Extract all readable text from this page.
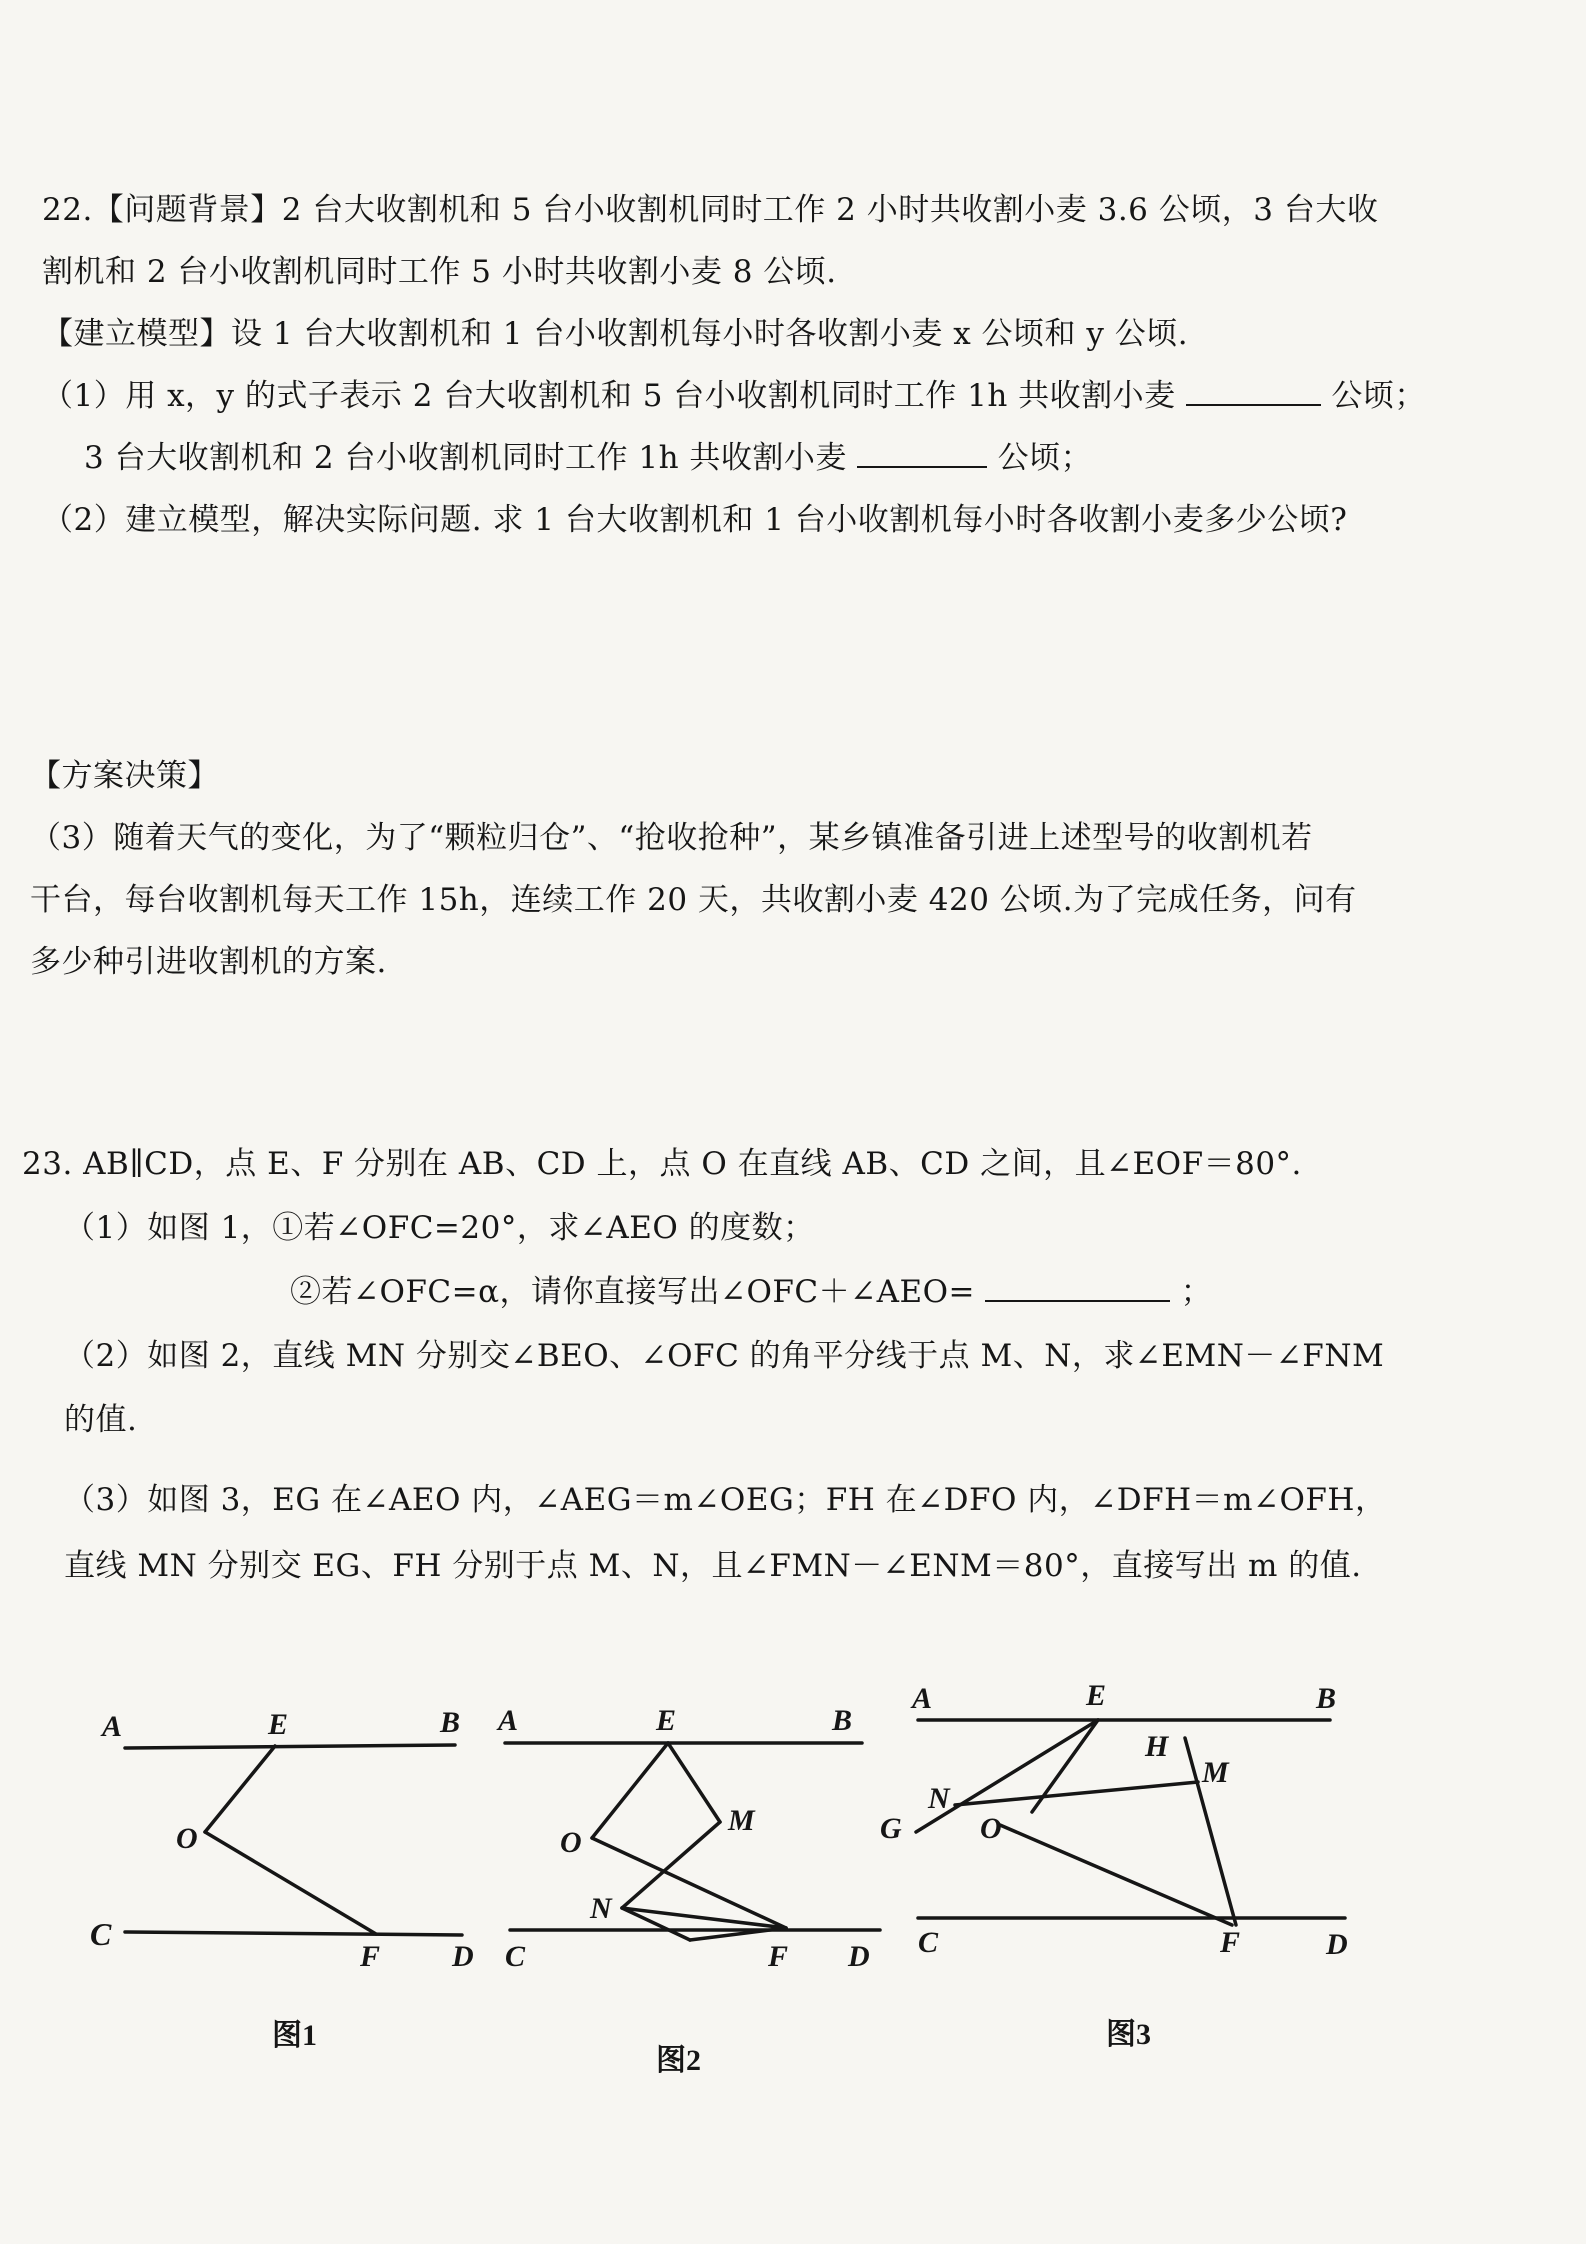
22.【问题背景】2 台大收割机和 5 台小收割机同时工作 2 小时共收割小麦 3.6 公顷，3 台大收
割机和 2 台小收割机同时工作 5 小时共收割小麦 8 公顷.
【建立模型】设 1 台大收割机和 1 台小收割机每小时各收割小麦 x 公顷和 y 公顷.
（1）用 x，y 的式子表示 2 台大收割机和 5 台小收割机同时工作 1h 共收割小麦	公顷；
3 台大收割机和 2 台小收割机同时工作 1h 共收割小麦	公顷；
（2）建立模型，解决实际问题. 求 1 台大收割机和 1 台小收割机每小时各收割小麦多少公顷?
【方案决策】
（3）随着天气的变化，为了“颗粒归仓”、“抢收抢种”，某乡镇准备引进上述型号的收割机若
干台，每台收割机每天工作 15h，连续工作 20 天，共收割小麦 420 公顷.为了完成任务，问有
多少种引进收割机的方案.
23. AB∥CD，点 E、F 分别在 AB、CD 上，点 O 在直线 AB、CD 之间，且∠EOF＝80°.
（1）如图 1，①若∠OFC=20°，求∠AEO 的度数；
②若∠OFC=α，请你直接写出∠OFC＋∠AEO=	；
（2）如图 2，直线 MN 分别交∠BEO、∠OFC 的角平分线于点 M、N，求∠EMN－∠FNM
的值.
（3）如图 3，EG 在∠AEO 内，∠AEG＝m∠OEG；FH 在∠DFO 内，∠DFH＝m∠OFH，
直线 MN 分别交 EG、FH 分别于点 M、N，且∠FMN－∠ENM＝80°，直接写出 m 的值.
A	E	B
O
C
F D
图1
A	E	B
O
M
N
C	F D
图2
A	E	B
H
M
N
G	O
C	F	D
图3
